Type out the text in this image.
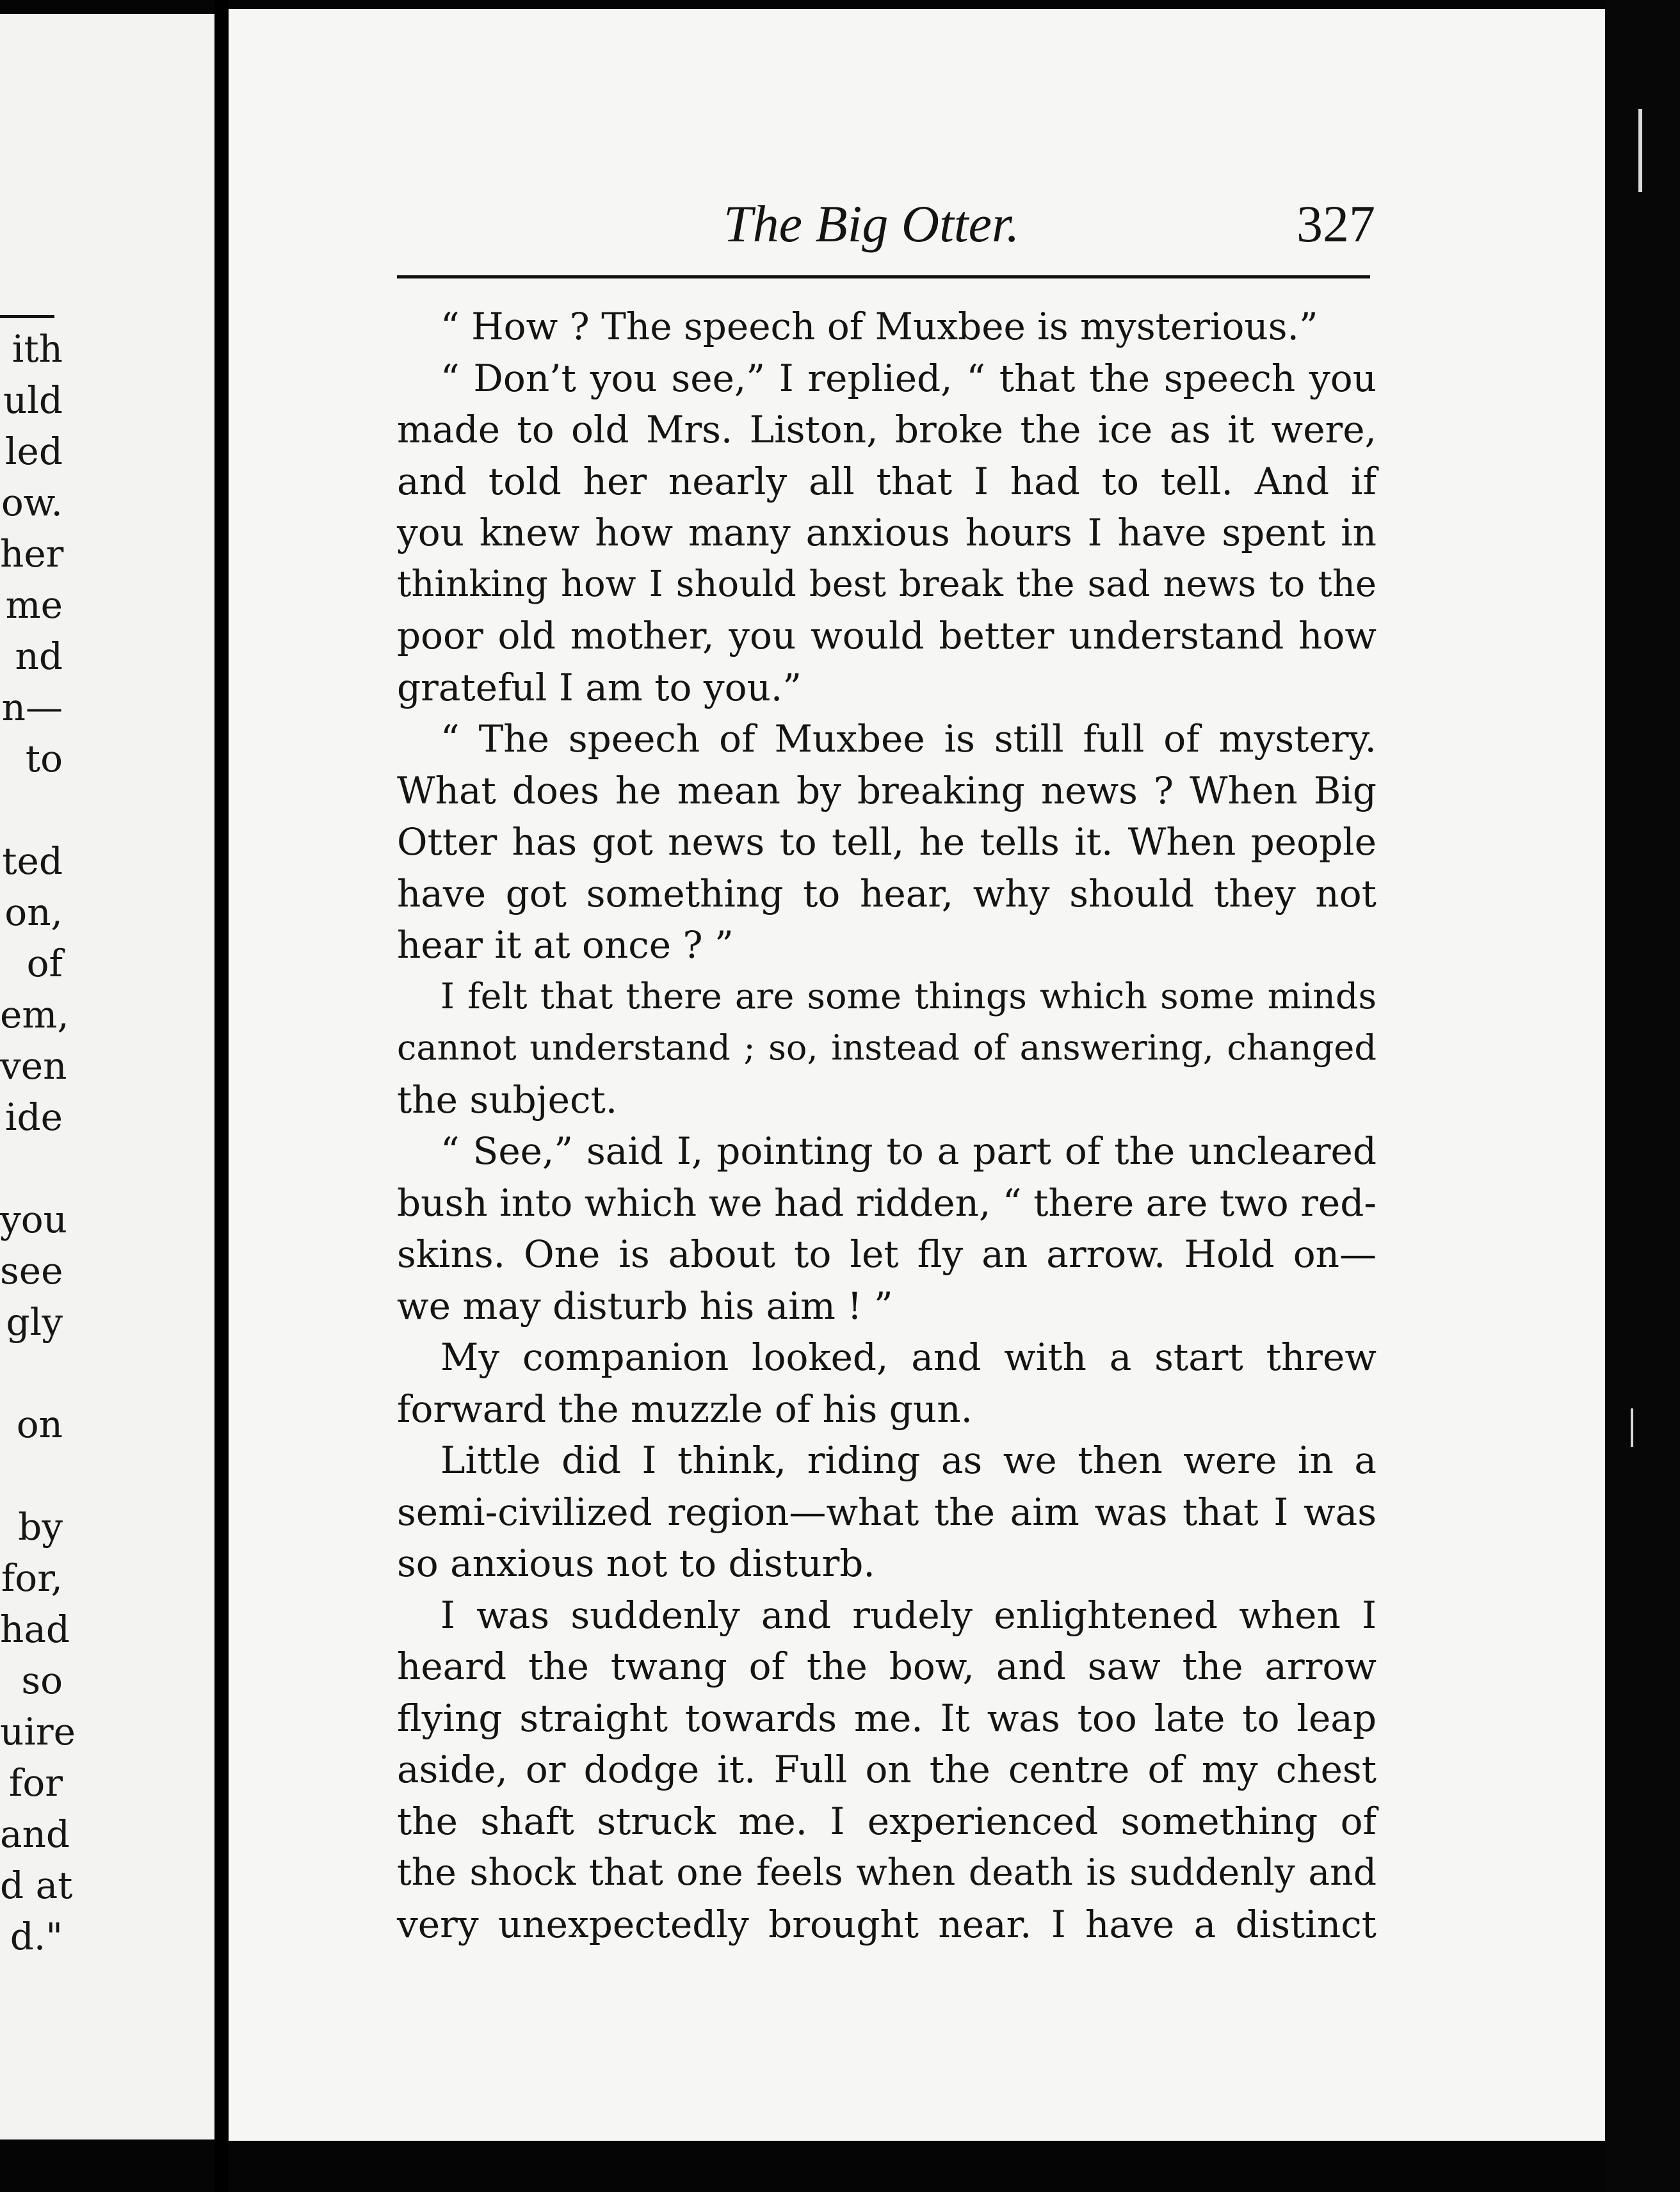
ith
uld
led
ow.
her
me
nd
n—
to
ted
on,
of
em,
ven
ide
you
see
gly
on
by
for,
had
so
uire
for
and
d at
d."
The Big Otter.	327
“ How ? The speech of Muxbee is mysterious.”
“ Don’t you see,” I replied, “ that the speech you
made to old Mrs. Liston, broke the ice as it were,
and told her nearly all that I had to tell. And if
you knew how many anxious hours I have spent in
thinking how I should best break the sad news to the
poor old mother, you would better understand how
grateful I am to you.”
“ The speech of Muxbee is still full of mystery.
What does he mean by breaking news ? When Big
Otter has got news to tell, he tells it. When people
have got something to hear, why should they not
hear it at once ? ”
I felt that there are some things which some minds
cannot understand ; so, instead of answering, changed
the subject.
“ See,” said I, pointing to a part of the uncleared
bush into which we had ridden, “ there are two red-
skins. One is about to let fly an arrow. Hold on—
we may disturb his aim ! ”
My companion looked, and with a start threw
forward the muzzle of his gun.
Little did I think, riding as we then were in a
semi-civilized region—what the aim was that I was
so anxious not to disturb.
I was suddenly and rudely enlightened when I
heard the twang of the bow, and saw the arrow
flying straight towards me. It was too late to leap
aside, or dodge it. Full on the centre of my chest
the shaft struck me. I experienced something of
the shock that one feels when death is suddenly and
very unexpectedly brought near. I have a distinct
